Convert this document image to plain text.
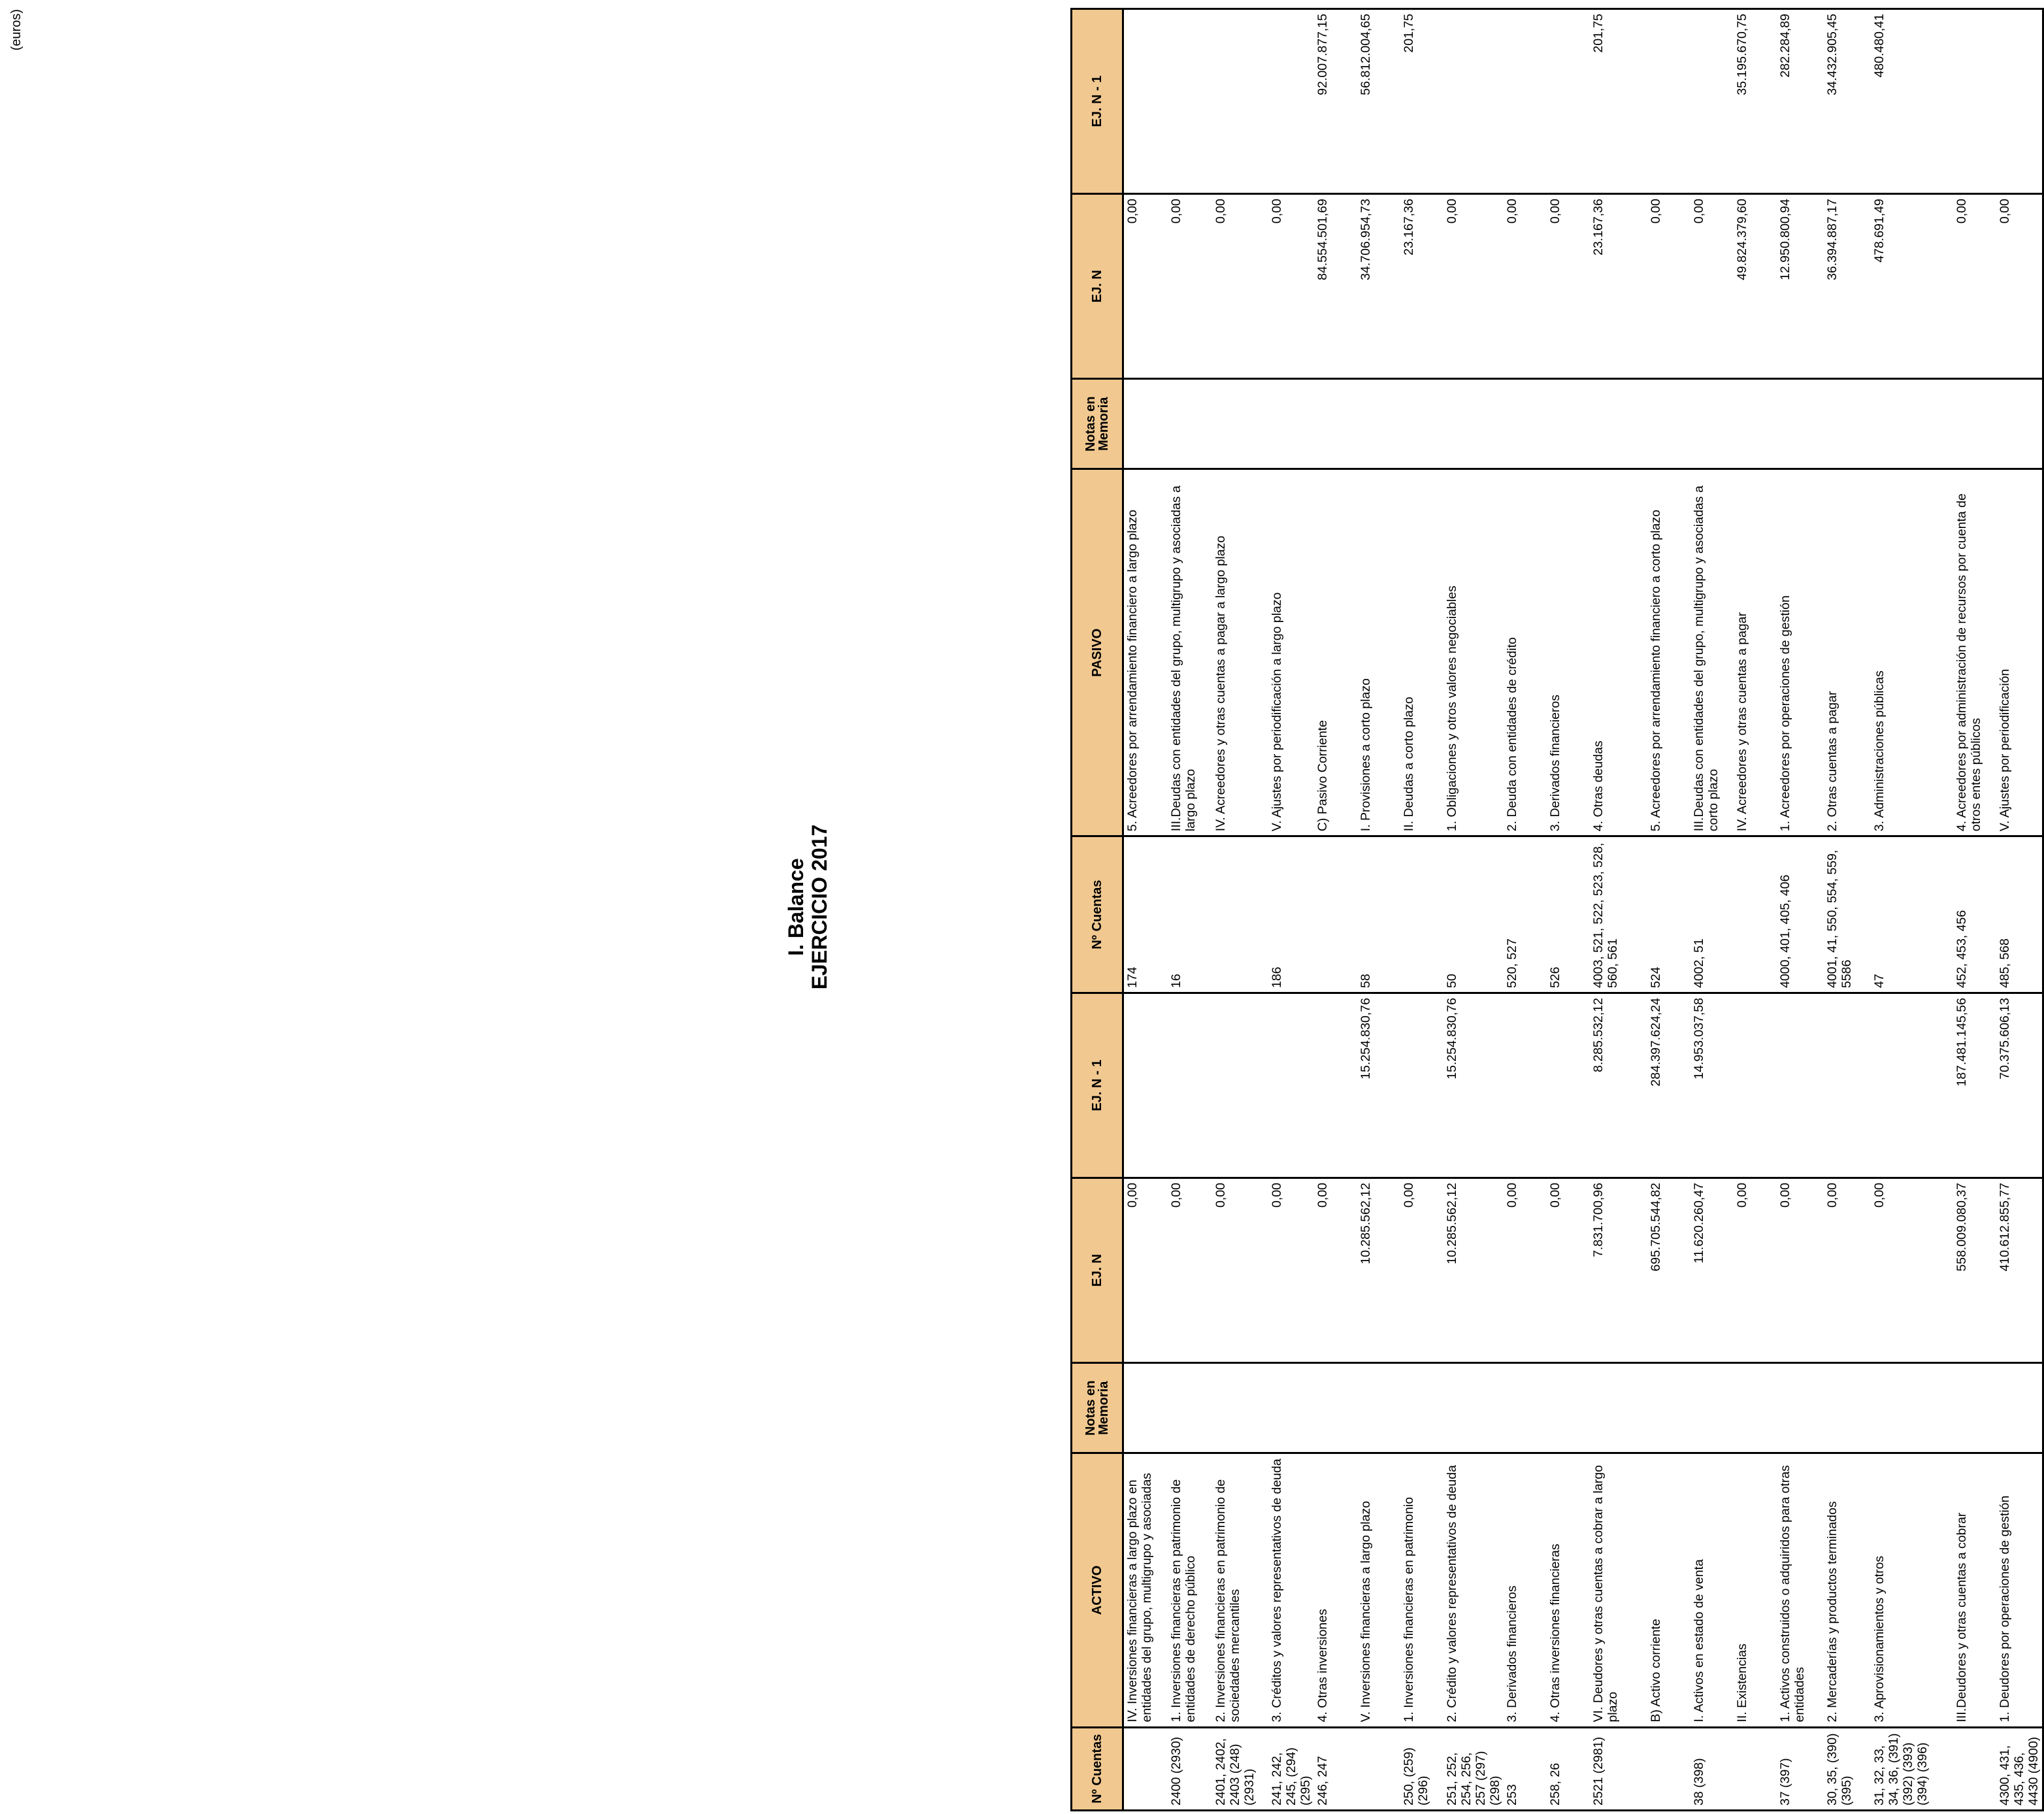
(euros)
Nº Cuentas	ACTIVO	Notas en Memoria	EJ. N	EJ. N - 1	Nº Cuentas	PASIVO	Notas en Memoria	EJ. N	EJ. N - 1
	IV. Inversiones financieras a largo plazo en entidades del grupo, multigrupo y asociadas		0,00		174	5. Acreedores por arrendamiento financiero a largo plazo		0,00	
2400 (2930)	1. Inversiones financieras en patrimonio de entidades de derecho público		0,00		16	III.Deudas con entidades del grupo, multigrupo y asociadas a largo plazo		0,00	
2401, 2402, 2403 (248) (2931)	2. Inversiones financieras en patrimonio de sociedades mercantiles		0,00			IV. Acreedores y otras cuentas a pagar a largo plazo		0,00	
241, 242, 245, (294) (295)	3. Créditos y valores representativos de deuda		0,00		186	V. Ajustes por periodificación a largo plazo		0,00	
246, 247	4. Otras inversiones		0,00			C) Pasivo Corriente		84.554.501,69	92.007.877,15
	V. Inversiones financieras a largo plazo		10.285.562,12	15.254.830,76	58	I. Provisiones a corto plazo		34.706.954,73	56.812.004,65
250, (259) (296)	1. Inversiones financieras en patrimonio		0,00			II. Deudas a corto plazo		23.167,36	201,75
251, 252, 254, 256, 257 (297) (298)	2. Crédito y valores representativos de deuda		10.285.562,12	15.254.830,76	50	1. Obligaciones y otros valores negociables		0,00	
253	3. Derivados financieros		0,00		520, 527	2. Deuda con entidades de crédito		0,00	
258, 26	4. Otras inversiones financieras		0,00		526	3. Derivados financieros		0,00	
2521 (2981)	VI. Deudores y otras cuentas a cobrar a largo plazo		7.831.700,96	8.285.532,12	4003, 521, 522, 523, 528, 560, 561	4. Otras deudas		23.167,36	201,75
	B) Activo corriente		695.705.544,82	284.397.624,24	524	5. Acreedores por arrendamiento financiero a corto plazo		0,00	
38 (398)	I. Activos en estado de venta		11.620.260,47	14.953.037,58	4002, 51	III.Deudas con entidades del grupo, multigrupo y asociadas a corto plazo		0,00	
	II. Existencias		0,00			IV. Acreedores y otras cuentas a pagar		49.824.379,60	35.195.670,75
37 (397)	1. Activos construidos o adquiridos para otras entidades		0,00		4000, 401, 405, 406	1. Acreedores por operaciones de gestión		12.950.800,94	282.284,89
30, 35, (390) (395)	2. Mercaderías y productos terminados		0,00		4001, 41, 550, 554, 559, 5586	2. Otras cuentas a pagar		36.394.887,17	34.432.905,45
31, 32, 33, 34, 36, (391) (392) (393) (394) (396)	3. Aprovisionamientos y otros		0,00		47	3. Administraciones públicas		478.691,49	480.480,41
	III.Deudores y otras cuentas a cobrar		558.009.080,37	187.481.145,56	452, 453, 456	4. Acreedores por administración de recursos por cuenta de otros entes públicos		0,00	
4300, 431, 435, 436, 4430 (4900)	1. Deudores por operaciones de gestión		410.612.855,77	70.375.606,13	485, 568	V. Ajustes por periodificación		0,00	
I. Balance EJERCICIO 2017
